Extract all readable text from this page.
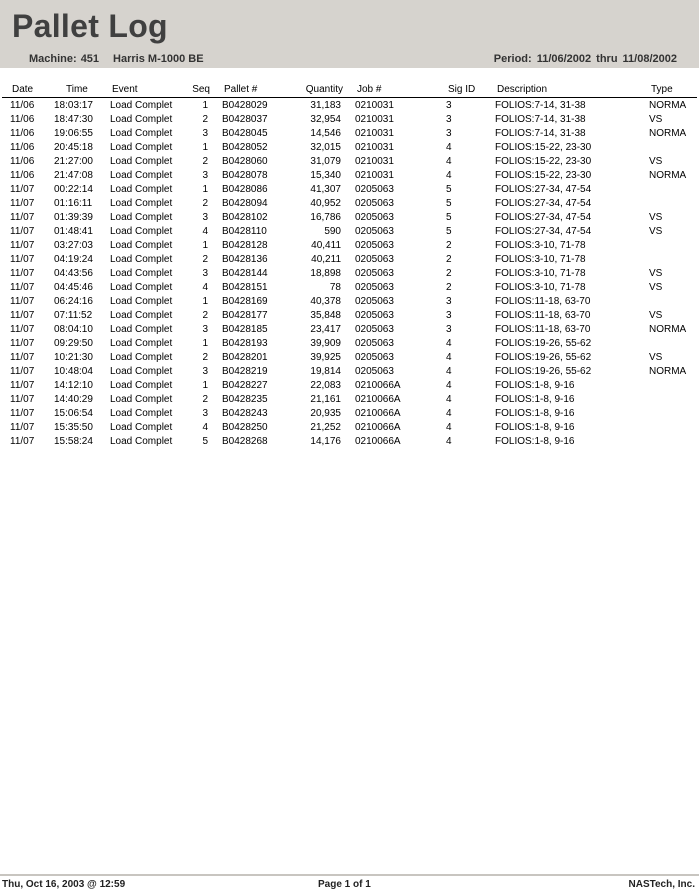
Pallet Log
Machine: 451 Harris M-1000 BE	Period: 11/06/2002 thru 11/08/2002
Date	Time Event	Seq Pallet #	Quantity Job #	Sig ID Description	Type
11/06 18:03:17 Load Complet	1 B0428029	31,183 0210031	3	FOLIOS:7-14, 31-38	NORMA
11/06 18:47:30 Load Complet	2 B0428037	32,954 0210031	3	FOLIOS:7-14, 31-38	VS
11/06 19:06:55 Load Complet	3 B0428045	14,546 0210031	3	FOLIOS:7-14, 31-38	NORMA
11/06 20:45:18 Load Complet	1 B0428052	32,015 0210031	4	FOLIOS:15-22, 23-30
11/06 21:27:00 Load Complet	2 B0428060	31,079 0210031	4	FOLIOS:15-22, 23-30	VS
11/06 21:47:08 Load Complet	3 B0428078	15,340 0210031	4	FOLIOS:15-22, 23-30	NORMA
11/07 00:22:14 Load Complet	1 B0428086	41,307 0205063	5	FOLIOS:27-34, 47-54
11/07 01:16:11 Load Complet	2 B0428094	40,952 0205063	5	FOLIOS:27-34, 47-54
11/07 01:39:39 Load Complet	3 B0428102	16,786 0205063	5	FOLIOS:27-34, 47-54	VS
11/07 01:48:41 Load Complet	4 B0428110	590 0205063	5	FOLIOS:27-34, 47-54	VS
11/07 03:27:03 Load Complet	1 B0428128	40,411 0205063	2	FOLIOS:3-10, 71-78
11/07 04:19:24 Load Complet	2 B0428136	40,211 0205063	2	FOLIOS:3-10, 71-78
11/07 04:43:56 Load Complet	3 B0428144	18,898 0205063	2	FOLIOS:3-10, 71-78	VS
11/07 04:45:46 Load Complet	4 B0428151	78 0205063	2	FOLIOS:3-10, 71-78	VS
11/07 06:24:16 Load Complet	1 B0428169	40,378 0205063	3	FOLIOS:11-18, 63-70
11/07 07:11:52 Load Complet	2 B0428177	35,848 0205063	3	FOLIOS:11-18, 63-70	VS
11/07 08:04:10 Load Complet	3 B0428185	23,417 0205063	3	FOLIOS:11-18, 63-70	NORMA
11/07 09:29:50 Load Complet	1 B0428193	39,909 0205063	4	FOLIOS:19-26, 55-62
11/07 10:21:30 Load Complet	2 B0428201	39,925 0205063	4	FOLIOS:19-26, 55-62	VS
11/07 10:48:04 Load Complet	3 B0428219	19,814 0205063	4	FOLIOS:19-26, 55-62	NORMA
11/07 14:12:10 Load Complet	1 B0428227	22,083 0210066A	4	FOLIOS:1-8, 9-16
11/07 14:40:29 Load Complet	2 B0428235	21,161 0210066A	4	FOLIOS:1-8, 9-16
11/07 15:06:54 Load Complet	3 B0428243	20,935 0210066A	4	FOLIOS:1-8, 9-16
11/07 15:35:50 Load Complet	4 B0428250	21,252 0210066A	4	FOLIOS:1-8, 9-16
11/07 15:58:24 Load Complet	5 B0428268	14,176 0210066A	4	FOLIOS:1-8, 9-16
Thu, Oct 16, 2003 @ 12:59	Page 1 of 1	NASTech, Inc.
